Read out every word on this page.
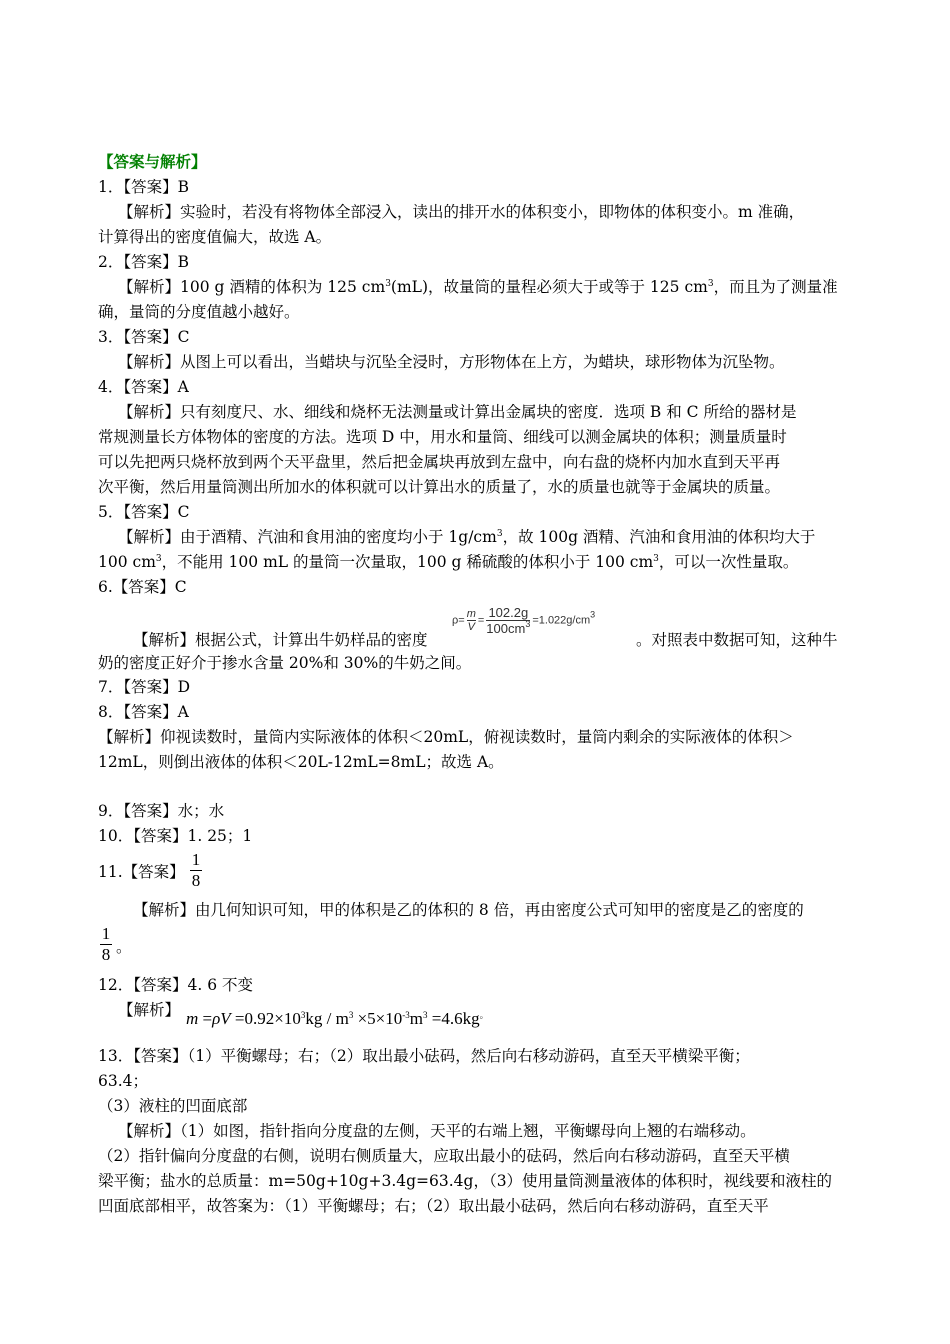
【答案与解析】
1．【答案】B
【解析】实验时，若没有将物体全部浸入，读出的排开水的体积变小，即物体的体积变小。m 准确，
计算得出的密度值偏大，故选 A。
2．【答案】B
【解析】100 g 酒精的体积为 125 $cm^3(mL)$，故量筒的量程必须大于或等于 125 $cm^3$，而且为了测量准
确，量筒的分度值越小越好。
3．【答案】C
【解析】从图上可以看出，当蜡块与沉坠全浸时，方形物体在上方，为蜡块，球形物体为沉坠物。
4．【答案】A
【解析】只有刻度尺、水、细线和烧杯无法测量或计算出金属块的密度．选项 B 和 C 所给的器材是
常规测量长方体物体的密度的方法。选项 D 中，用水和量筒、细线可以测金属块的体积；测量质量时
可以先把两只烧杯放到两个天平盘里，然后把金属块再放到左盘中，向右盘的烧杯内加水直到天平再
次平衡，然后用量筒测出所加水的体积就可以计算出水的质量了，水的质量也就等于金属块的质量。
5．【答案】C
【解析】由于酒精、汽油和食用油的密度均小于 $1g/cm^3$，故 100g 酒精、汽油和食用油的体积均大于
100 $cm^3$，不能用 100 mL 的量筒一次量取，100 g 稀硫酸的体积小于 100 $cm^3$，可以一次性量取。
6.【答案】C
【解析】根据公式，计算出牛奶样品的密度
$\rho= \frac{m}{V} = \frac{102.2g}{100cm^3} =1.022g/cm^3$
。对照表中数据可知，这种牛
奶的密度正好介于掺水含量 20%和 30%的牛奶之间。
7．【答案】D
8．【答案】A
【解析】仰视读数时，量筒内实际液体的体积＜20mL，俯视读数时，量筒内剩余的实际液体的体积＞
12mL，则倒出液体的体积＜20L-12mL=8mL；故选 A。
9．【答案】水；水
10．【答案】1. 25；1
11.【答案】
1
8
【解析】由几何知识可知，甲的体积是乙的体积的 8 倍，再由密度公式可知甲的密度是乙的密度的
1
8 。
12．【答案】4. 6 不变
【解析】 $m =\rho V =0.92\times 10^3kg / m^3 \times 5\times 10^{-3}m^3 =4.6kg^。$
13．【答案】（1）平衡螺母；右；（2）取出最小砝码，然后向右移动游码，直至天平横梁平衡；
63.4；
（3）液柱的凹面底部
【解析】（1）如图，指针指向分度盘的左侧，天平的右端上翘，平衡螺母向上翘的右端移动。
（2）指针偏向分度盘的右侧，说明右侧质量大，应取出最小的砝码，然后向右移动游码，直至天平横
梁平衡；盐水的总质量：m=50g+10g+3.4g=63.4g，（3）使用量筒测量液体的体积时，视线要和液柱的
凹面底部相平，故答案为：（1）平衡螺母；右；（2）取出最小砝码，然后向右移动游码，直至天平
